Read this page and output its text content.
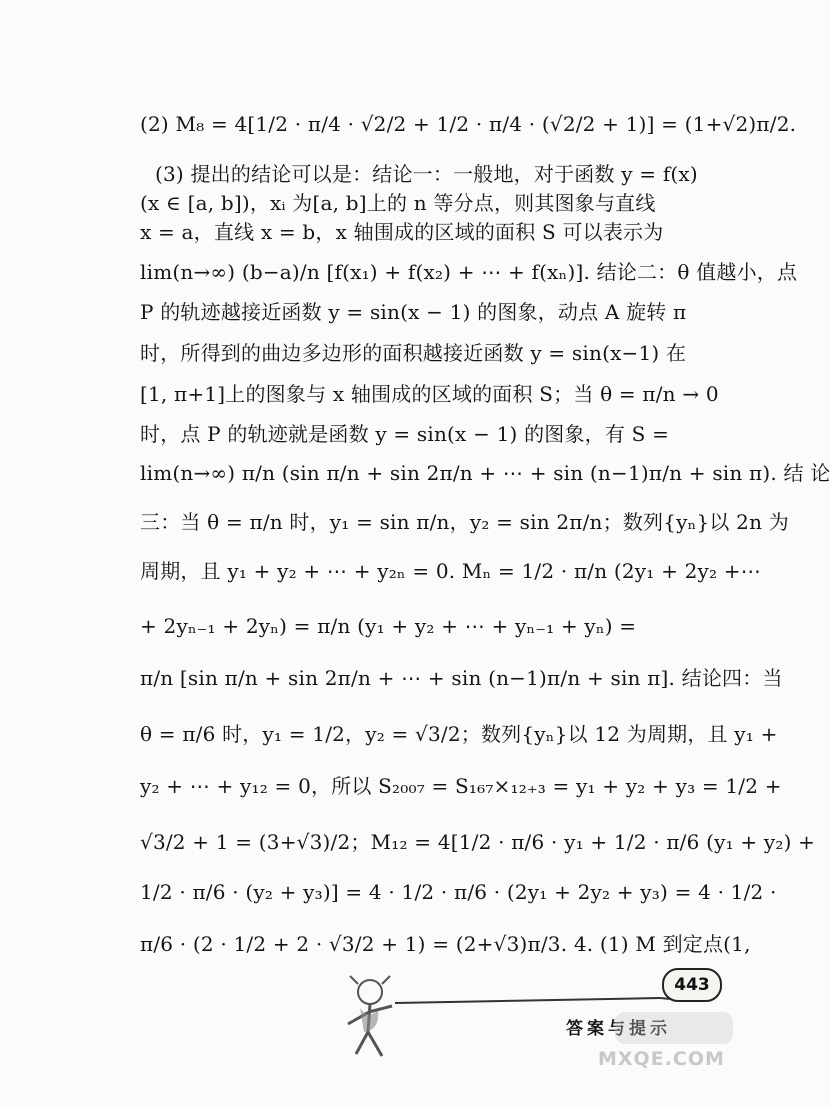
(2) M₈ = 4[1/2 · π/4 · √2/2 + 1/2 · π/4 · (√2/2 + 1)] = (1+√2)π/2.
(3) 提出的结论可以是：结论一：一般地，对于函数 y = f(x)
(x ∈ [a, b])，xᵢ 为[a, b]上的 n 等分点，则其图象与直线
x = a，直线 x = b，x 轴围成的区域的面积 S 可以表示为
lim(n→∞) (b−a)/n [f(x₁) + f(x₂) + ⋯ + f(xₙ)]. 结论二：θ 值越小，点
P 的轨迹越接近函数 y = sin(x − 1) 的图象，动点 A 旋转 π
时，所得到的曲边多边形的面积越接近函数 y = sin(x−1) 在
[1, π+1]上的图象与 x 轴围成的区域的面积 S；当 θ = π/n → 0
时，点 P 的轨迹就是函数 y = sin(x − 1) 的图象，有 S =
lim(n→∞) π/n (sin π/n + sin 2π/n + ⋯ + sin (n−1)π/n + sin π). 结 论
三：当 θ = π/n 时，y₁ = sin π/n，y₂ = sin 2π/n；数列{yₙ}以 2n 为
周期，且 y₁ + y₂ + ⋯ + y₂ₙ = 0. Mₙ = 1/2 · π/n (2y₁ + 2y₂ +⋯
+ 2yₙ₋₁ + 2yₙ) = π/n (y₁ + y₂ + ⋯ + yₙ₋₁ + yₙ) =
π/n [sin π/n + sin 2π/n + ⋯ + sin (n−1)π/n + sin π]. 结论四：当
θ = π/6 时，y₁ = 1/2，y₂ = √3/2；数列{yₙ}以 12 为周期，且 y₁ +
y₂ + ⋯ + y₁₂ = 0，所以 S₂₀₀₇ = S₁₆₇×₁₂₊₃ = y₁ + y₂ + y₃ = 1/2 +
√3/2 + 1 = (3+√3)/2；M₁₂ = 4[1/2 · π/6 · y₁ + 1/2 · π/6 (y₁ + y₂) +
1/2 · π/6 · (y₂ + y₃)] = 4 · 1/2 · π/6 · (2y₁ + 2y₂ + y₃) = 4 · 1/2 ·
π/6 · (2 · 1/2 + 2 · √3/2 + 1) = (2+√3)π/3. 4. (1) M 到定点(1,
443
答案与提示
MXQE.COM
